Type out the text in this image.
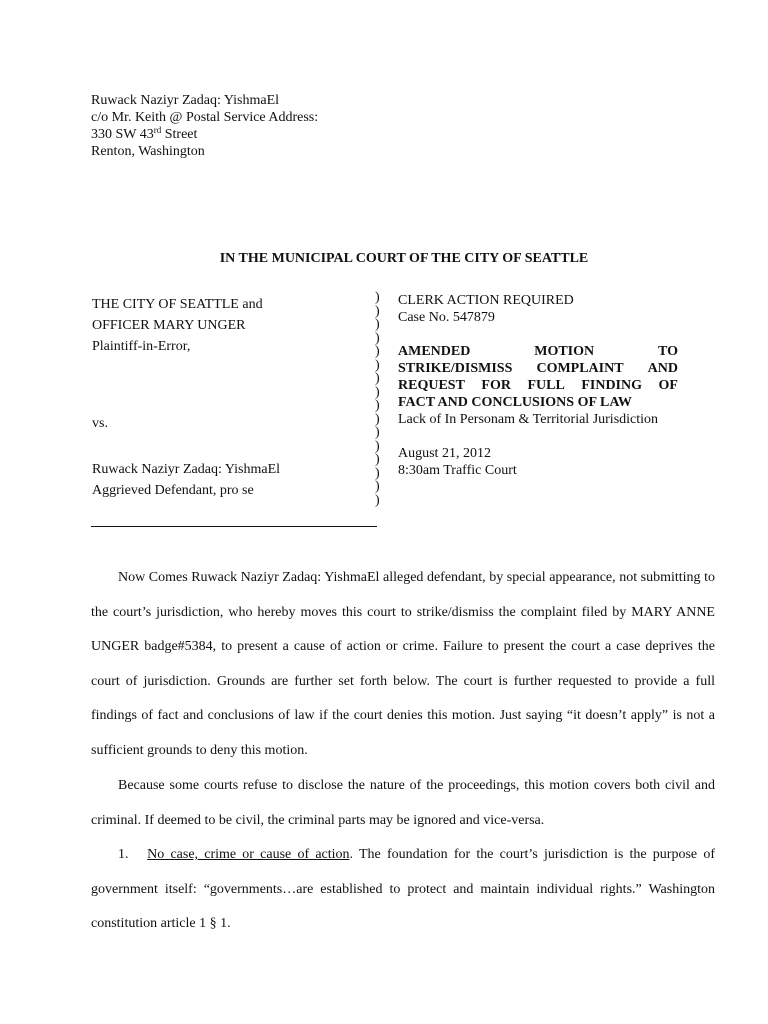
Ruwack Naziyr Zadaq: YishmaEl
c/o Mr. Keith @ Postal Service Address:
330 SW 43rd Street
Renton, Washington
IN THE MUNICIPAL COURT OF THE CITY OF SEATTLE
THE CITY OF SEATTLE and
OFFICER MARY UNGER
Plaintiff-in-Error,
vs.
Ruwack Naziyr Zadaq: YishmaEl
Aggrieved Defendant, pro se
)
)
)
)
)
)
)
)
)
)
)
)
)
)
)
)
CLERK ACTION REQUIRED
Case No. 547879
AMENDED	MOTION	TO
STRIKE/DISMISS COMPLAINT AND
REQUEST FOR FULL FINDING OF
FACT AND CONCLUSIONS OF LAW
Lack of In Personam & Territorial Jurisdiction
August 21, 2012
8:30am Traffic Court
Now Comes Ruwack Naziyr Zadaq: YishmaEl alleged defendant, by special appearance, not submitting to the court’s jurisdiction, who hereby moves this court to strike/dismiss the complaint filed by MARY ANNE UNGER badge#5384, to present a cause of action or crime. Failure to present the court a case deprives the court of jurisdiction. Grounds are further set forth below. The court is further requested to provide a full findings of fact and conclusions of law if the court denies this motion. Just saying “it doesn’t apply” is not a sufficient grounds to deny this motion.
Because some courts refuse to disclose the nature of the proceedings, this motion covers both civil and criminal. If deemed to be civil, the criminal parts may be ignored and vice-versa.
1. No case, crime or cause of action. The foundation for the court’s jurisdiction is the purpose of government itself: “governments…are established to protect and maintain individual rights.” Washington constitution article 1 § 1.
